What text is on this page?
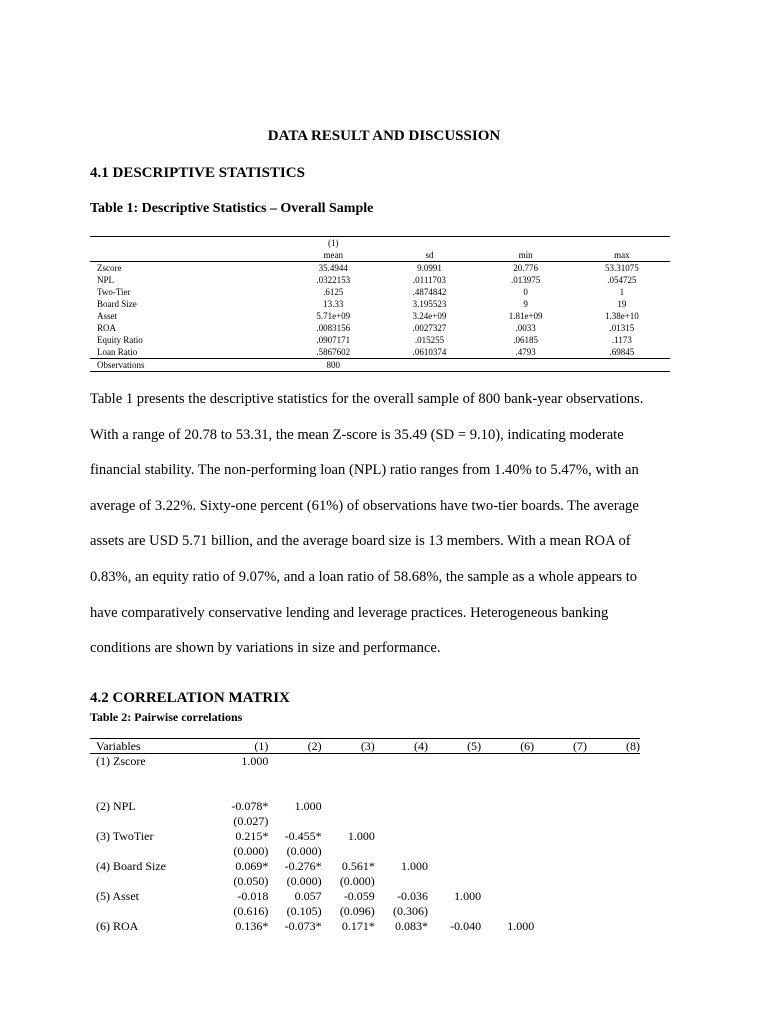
DATA RESULT AND DISCUSSION
4.1 DESCRIPTIVE STATISTICS
Table 1: Descriptive Statistics – Overall Sample
	(1)			
	mean	sd	min	max
Zscore	35.4944	9.0991	20.776	53.31075
NPL	.0322153	.0111703	.013975	.054725
Two-Tier	.6125	.4874842	0	1
Board Size	13.33	3.195523	9	19
Asset	5.71e+09	3.24e+09	1.81e+09	1.38e+10
ROA	.0083156	.0027327	.0033	.01315
Equity Ratio	.0907171	.015255	.06185	.1173
Loan Ratio	.5867602	.0610374	.4793	.69845
Observations	800			
Table 1 presents the descriptive statistics for the overall sample of 800 bank-year observations.
With a range of 20.78 to 53.31, the mean Z-score is 35.49 (SD = 9.10), indicating moderate
financial stability. The non-performing loan (NPL) ratio ranges from 1.40% to 5.47%, with an
average of 3.22%. Sixty-one percent (61%) of observations have two-tier boards. The average
assets are USD 5.71 billion, and the average board size is 13 members. With a mean ROA of
0.83%, an equity ratio of 9.07%, and a loan ratio of 58.68%, the sample as a whole appears to
have comparatively conservative lending and leverage practices. Heterogeneous banking
conditions are shown by variations in size and performance.
4.2 CORRELATION MATRIX
Table 2: Pairwise correlations
Variables	(1)	(2)	(3)	(4)	(5)	(6)	(7)	(8)
(1) Zscore	1.000							

(2) NPL	-0.078*	1.000						
	(0.027)							
(3) TwoTier	0.215*	-0.455*	1.000					
	(0.000)	(0.000)						
(4) Board Size	0.069*	-0.276*	0.561*	1.000				
	(0.050)	(0.000)	(0.000)					
(5) Asset	-0.018	0.057	-0.059	-0.036	1.000			
	(0.616)	(0.105)	(0.096)	(0.306)				
(6) ROA	0.136*	-0.073*	0.171*	0.083*	-0.040	1.000		
